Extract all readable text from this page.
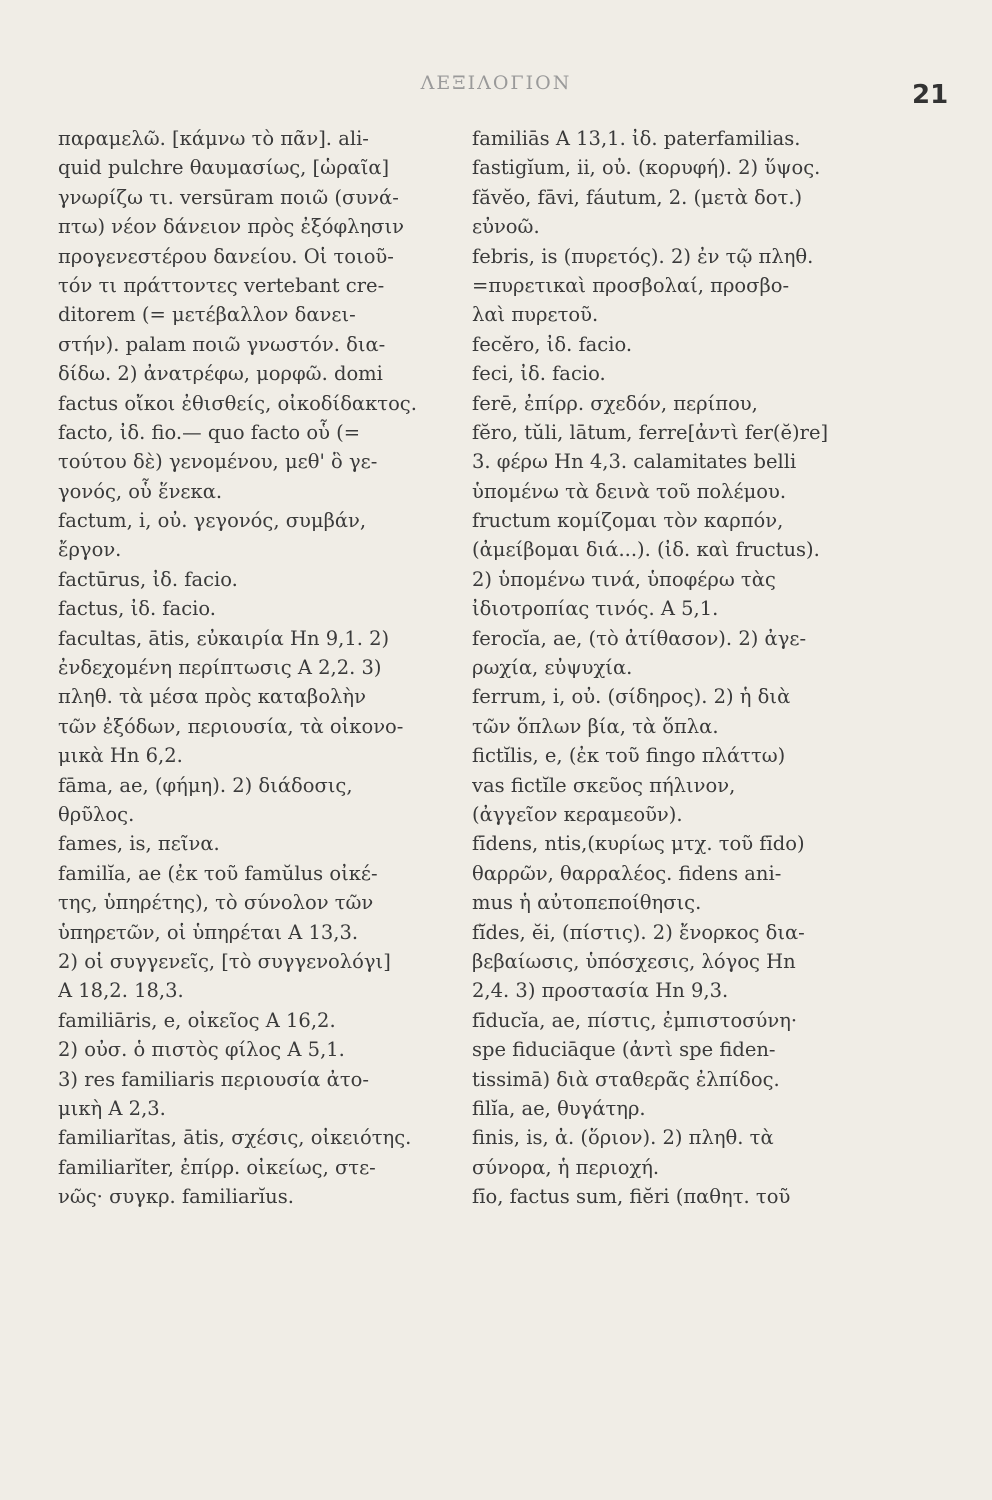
ΛΕΞΙΛΟΓΙΟΝ	21
παραμελῶ. [κάμνω τὸ πᾶν]. ali-
quid pulchre θαυμασίως, [ὡραῖα]
γνωρίζω τι. versūram ποιῶ (συνά-
πτω) νέον δάνειον πρὸς ἐξόφλησιν
προγενεστέρου δανείου. Οἱ τοιοῦ-
τόν τι πράττοντες vertebant cre-
ditorem (= μετέβαλλον δανει-
στήν). palam ποιῶ γνωστόν. δια-
δίδω. 2) ἀνατρέφω, μορφῶ. domi
factus οἴκοι ἐθισθείς, οἰκοδίδακτος.
facto, ἰδ. fio.— quo facto οὗ (=
τούτου δὲ) γενομένου, μεθ' ὃ γε-
γονός, οὗ ἕνεκα.
factum, i, οὐ. γεγονός, συμβάν,
ἔργον.
factūrus, ἰδ. facio.
factus, ἰδ. facio.
facultas, ātis, εὐκαιρία Hn 9,1. 2)
ἐνδεχομένη περίπτωσις A 2,2. 3)
πληθ. τὰ μέσα πρὸς καταβολὴν
τῶν ἐξόδων, περιουσία, τὰ οἰκονο-
μικὰ Hn 6,2.
fāma, ae, (φήμη). 2) διάδοσις,
θρῦλος.
fames, is, πεῖνα.
familĭa, ae (ἐκ τοῦ famŭlus οἰκέ-
της, ὑπηρέτης), τὸ σύνολον τῶν
ὑπηρετῶν, οἱ ὑπηρέται A 13,3.
2) οἱ συγγενεῖς, [τὸ συγγενολόγι]
A 18,2. 18,3.
familiāris, e, οἰκεῖος A 16,2.
2) οὐσ. ὁ πιστὸς φίλος A 5,1.
3) res familiaris περιουσία ἀτο-
μικὴ A 2,3.
familiarĭtas, ātis, σχέσις, οἰκειότης.
familiarĭter, ἐπίρρ. οἰκείως, στε-
νῶς· συγκρ. familiarĭus.
familiās A 13,1. ἰδ. paterfamilias.
fastigĭum, ii, οὐ. (κορυφή). 2) ὕψος.
făvĕo, fāvi, fáutum, 2. (μετὰ δοτ.)
εὐνοῶ.
febris, is (πυρετός). 2) ἐν τῷ πληθ.
=πυρετικαὶ προσβολαί, προσβο-
λαὶ πυρετοῦ.
fecĕro, ἰδ. facio.
feci, ἰδ. facio.
ferē, ἐπίρρ. σχεδόν, περίπου,
fĕro, tŭli, lātum, ferre[ἀντὶ fer(ĕ)re]
3. φέρω Hn 4,3. calamitates belli
ὑπομένω τὰ δεινὰ τοῦ πολέμου.
fructum κομίζομαι τὸν καρπόν,
(ἀμείβομαι διά...). (ἰδ. καὶ fructus).
2) ὑπομένω τινά, ὑποφέρω τὰς
ἰδιοτροπίας τινός. A 5,1.
ferocĭa, ae, (τὸ ἀτίθασον). 2) ἀγε-
ρωχία, εὐψυχία.
ferrum, i, οὐ. (σίδηρος). 2) ἡ διὰ
τῶν ὅπλων βία, τὰ ὅπλα.
fictĭlis, e, (ἐκ τοῦ fingo πλάττω)
vas fictĭle σκεῦος πήλινον,
(ἀγγεῖον κεραμεοῦν).
fīdens, ntis,(κυρίως μτχ. τοῦ fīdo)
θαρρῶν, θαρραλέος. fidens ani-
mus ἡ αὐτοπεποίθησις.
fĭdes, ĕi, (πίστις). 2) ἔνορκος δια-
βεβαίωσις, ὑπόσχεσις, λόγος Hn
2,4. 3) προστασία Hn 9,3.
fīducĭa, ae, πίστις, ἐμπιστοσύνη·
spe fiduciāque (ἀντὶ spe fiden-
tissimā) διὰ σταθερᾶς ἐλπίδος.
filĭa, ae, θυγάτηρ.
finis, is, ἀ. (ὅριον). 2) πληθ. τὰ
σύνορα, ἡ περιοχή.
fīo, factus sum, fiĕri (παθητ. τοῦ
